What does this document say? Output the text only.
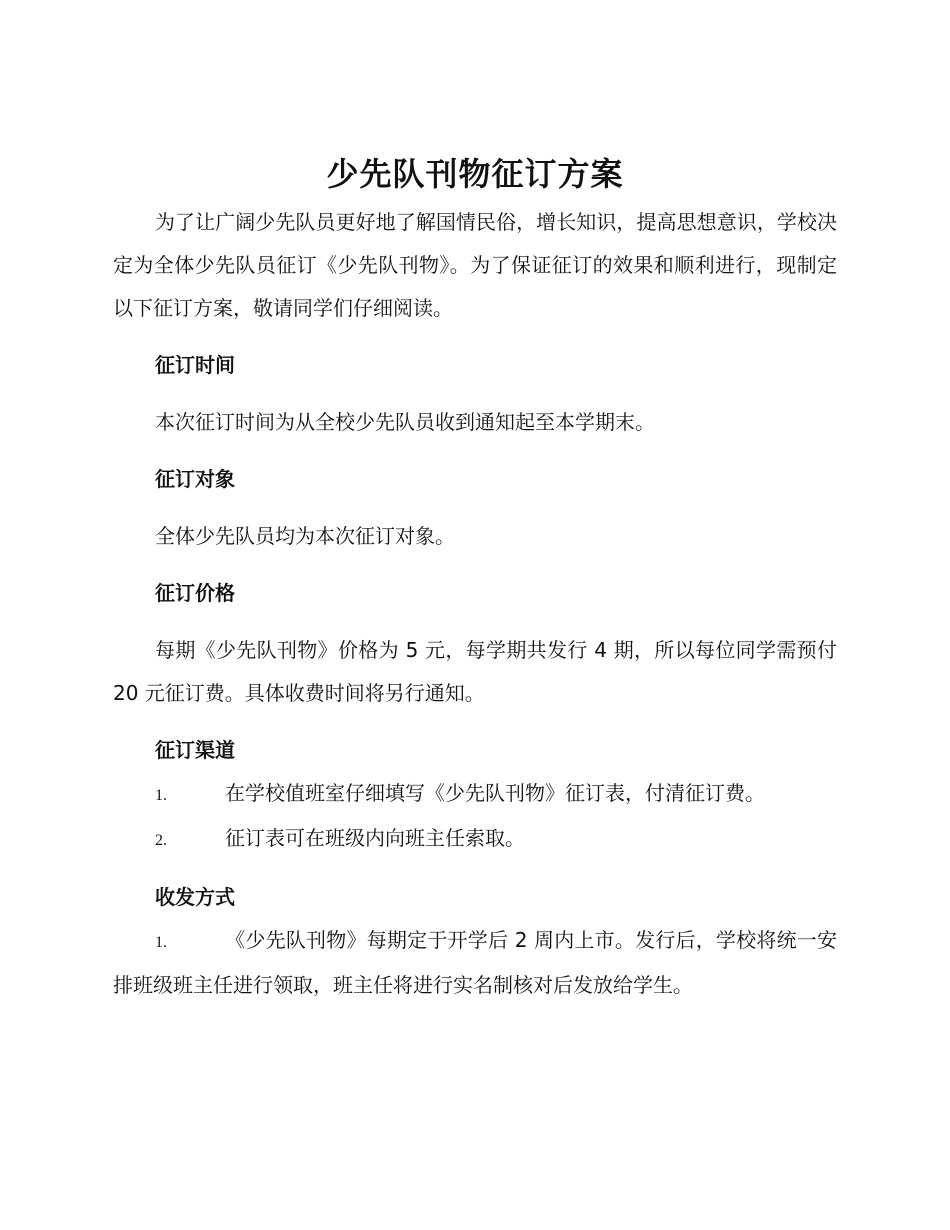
少先队刊物征订方案

为了让广阔少先队员更好地了解国情民俗，增长知识，提高思想意识，学校决定为全体少先队员征订《少先队刊物》。为了保证征订的效果和顺利进行，现制定以下征订方案，敬请同学们仔细阅读。

征订时间

本次征订时间为从全校少先队员收到通知起至本学期末。

征订对象

全体少先队员均为本次征订对象。

征订价格

每期《少先队刊物》价格为 5 元，每学期共发行 4 期，所以每位同学需预付 20 元征订费。具体收费时间将另行通知。

征订渠道

1.	在学校值班室仔细填写《少先队刊物》征订表，付清征订费。

2.	征订表可在班级内向班主任索取。

收发方式

1.	《少先队刊物》每期定于开学后 2 周内上市。发行后，学校将统一安排班级班主任进行领取，班主任将进行实名制核对后发放给学生。
